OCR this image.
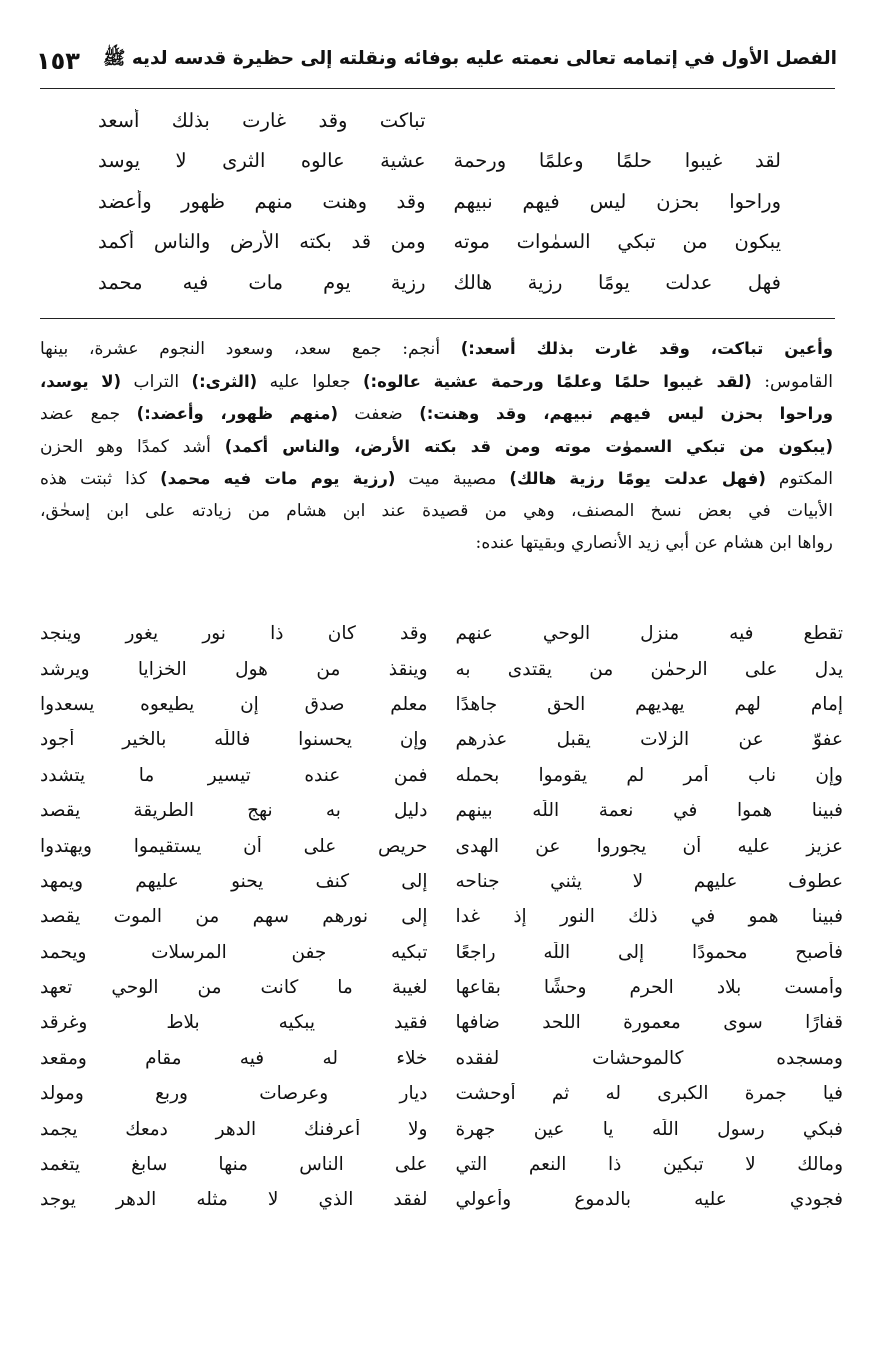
الفصل الأول في إتمامه تعالى نعمته عليه بوفائه ونقلته إلى حظيرة قدسه لديه ﷺ
١٥٣
تباكت وقد غارت بذلك أسعد
لقد غيبوا حلمًا وعلمًا ورحمة
عشية عالوه الثرى لا يوسد
وراحوا بحزن ليس فيهم نبيهم
وقد وهنت منهم ظهور وأعضد
يبكون من تبكي السمٰوات موته
ومن قد بكته الأرض والناس أكمد
فهل عدلت يومًا رزية هالك
رزية يوم مات فيه محمد
وأعين تباكت، وقد غارت بذلك أسعد:) أنجم: جمع سعد، وسعود النجوم عشرة، بينها
القاموس: (لقد غيبوا حلمًا وعلمًا ورحمة عشية عالوه:) جعلوا عليه (الثرى:) التراب (لا يوسد،
وراحوا بحزن ليس فيهم نبيهم، وقد وهنت:) ضعفت (منهم ظهور، وأعضد:) جمع عضد
(يبكون من تبكي السموٰت موته ومن قد بكته الأرض، والناس أكمد) أشد كمدًا وهو الحزن
المكتوم (فهل عدلت يومًا رزية هالك) مصيبة ميت (رزية يوم مات فيه محمد) كذا ثبتت هذه
الأبيات في بعض نسخ المصنف، وهي من قصيدة عند ابن هشام من زيادته على ابن إسحٰق،
رواها ابن هشام عن أبي زيد الأنصاري وبقيتها عنده:
تقطع فيه منزل الوحي عنهم
وقد كان ذا نور يغور وينجد
يدل على الرحمٰن من يقتدى به
وينقذ من هول الخزايا ويرشد
إمام لهم يهديهم الحق جاهدًا
معلم صدق إن يطيعوه يسعدوا
عفوّ عن الزلات يقبل عذرهم
وإن يحسنوا فاللّٰه بالخير أجود
وإن ناب أمر لم يقوموا بحمله
فمن عنده تيسير ما يتشدد
فبينا هموا في نعمة اللّٰه بينهم
دليل به نهج الطريقة يقصد
عزيز عليه أن يجوروا عن الهدى
حريص على أن يستقيموا ويهتدوا
عطوف عليهم لا يثني جناحه
إلى كنف يحنو عليهم ويمهد
فبينا همو في ذلك النور إذ غدا
إلى نورهم سهم من الموت يقصد
فأصبح محمودًا إلى اللّٰه راجعًا
تبكيه جفن المرسلات ويحمد
وأمست بلاد الحرم وحشًا بقاعها
لغيبة ما كانت من الوحي تعهد
قفارًا سوى معمورة اللحد ضافها
فقيد يبكيه بلاط وغرقد
ومسجده كالموحشات لفقده
خلاء له فيه مقام ومقعد
فيا جمرة الكبرى له ثم أوحشت
ديار وعرصات وربع ومولد
فبكي رسول اللّٰه يا عين جهرة
ولا أعرفنك الدهر دمعك يجمد
ومالك لا تبكين ذا النعم التي
على الناس منها سابغ يتغمد
فجودي عليه بالدموع وأعولي
لفقد الذي لا مثله الدهر يوجد
